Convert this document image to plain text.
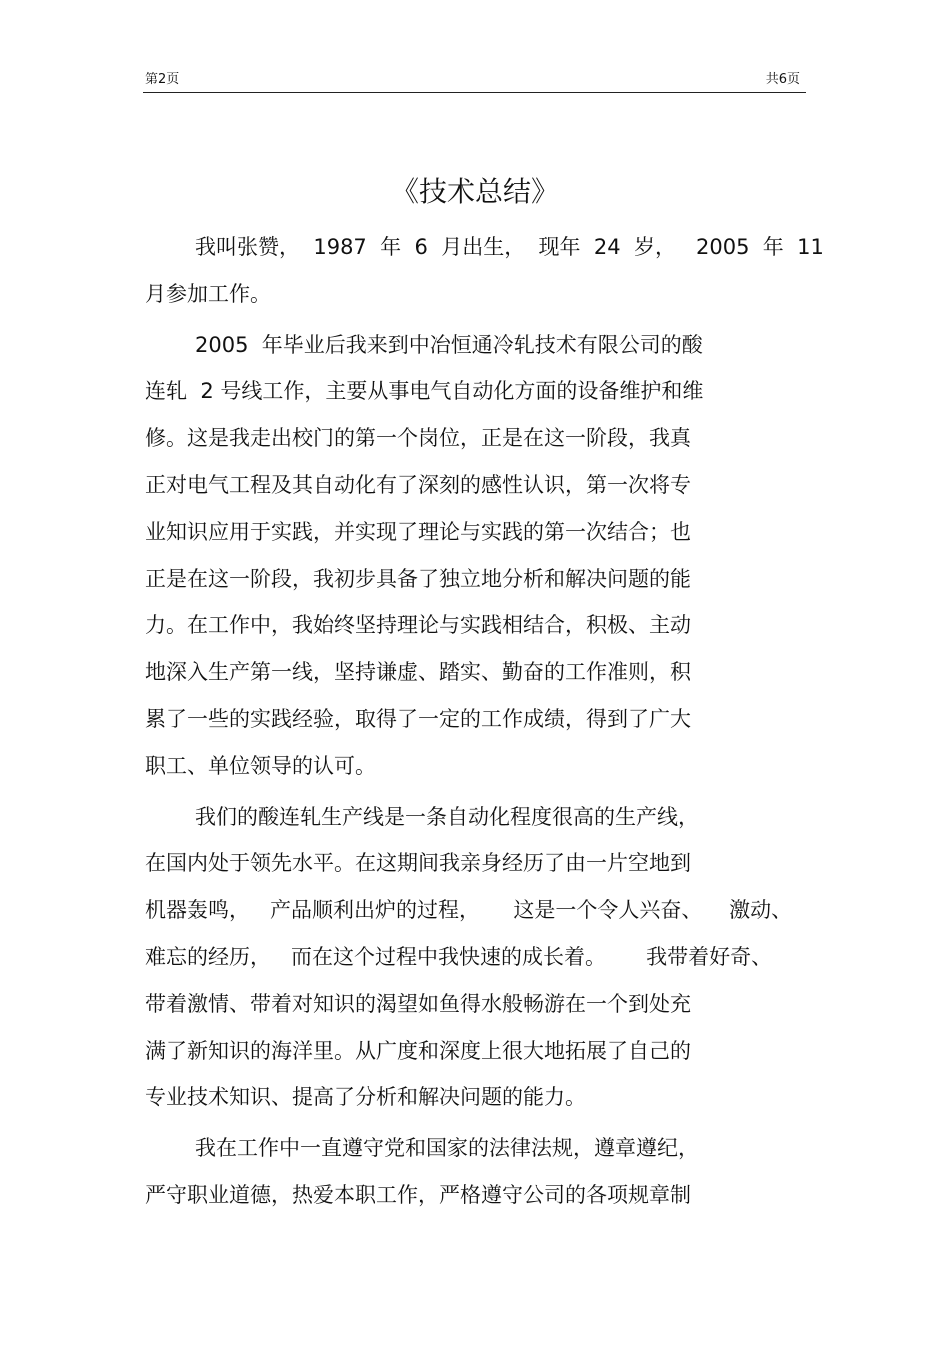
第2页	共6页
《技术总结》
我叫张赞，  1987  年  6  月出生，  现年  24  岁，   2005  年  11
月参加工作。
2005  年毕业后我来到中冶恒通冷轧技术有限公司的酸
连轧  2 号线工作，主要从事电气自动化方面的设备维护和维
修。这是我走出校门的第一个岗位，正是在这一阶段，我真
正对电气工程及其自动化有了深刻的感性认识，第一次将专
业知识应用于实践，并实现了理论与实践的第一次结合；也
正是在这一阶段，我初步具备了独立地分析和解决问题的能
力。在工作中，我始终坚持理论与实践相结合，积极、主动
地深入生产第一线，坚持谦虚、踏实、勤奋的工作准则，积
累了一些的实践经验，取得了一定的工作成绩，得到了广大
职工、单位领导的认可。
我们的酸连轧生产线是一条自动化程度很高的生产线，
在国内处于领先水平。在这期间我亲身经历了由一片空地到
机器轰鸣，   产品顺利出炉的过程，     这是一个令人兴奋、    激动、
难忘的经历，   而在这个过程中我快速的成长着。      我带着好奇、
带着激情、带着对知识的渴望如鱼得水般畅游在一个到处充
满了新知识的海洋里。从广度和深度上很大地拓展了自己的
专业技术知识、提高了分析和解决问题的能力。
我在工作中一直遵守党和国家的法律法规，遵章遵纪，
严守职业道德，热爱本职工作，严格遵守公司的各项规章制
